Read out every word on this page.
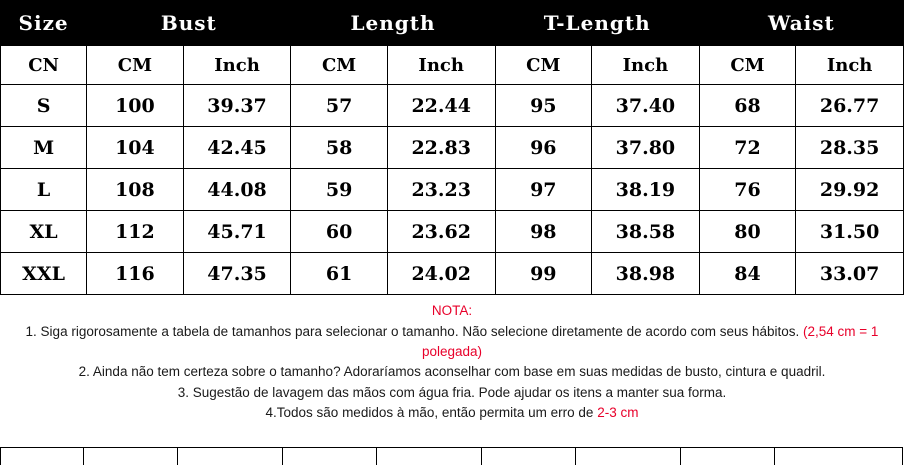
Size	Bust		Length		T-Length		Waist	
CN	CM	Inch	CM	Inch	CM	Inch	CM	Inch
S	100	39.37	57	22.44	95	37.40	68	26.77
M	104	42.45	58	22.83	96	37.80	72	28.35
L	108	44.08	59	23.23	97	38.19	76	29.92
XL	112	45.71	60	23.62	98	38.58	80	31.50
XXL	116	47.35	61	24.02	99	38.98	84	33.07
NOTA:
1. Siga rigorosamente a tabela de tamanhos para selecionar o tamanho. Não selecione diretamente de acordo com seus hábitos. (2,54 cm = 1 polegada)
2. Ainda não tem certeza sobre o tamanho? Adoraríamos aconselhar com base em suas medidas de busto, cintura e quadril.
3. Sugestão de lavagem das mãos com água fria. Pode ajudar os itens a manter sua forma.
4.Todos são medidos à mão, então permita um erro de 2-3 cm
